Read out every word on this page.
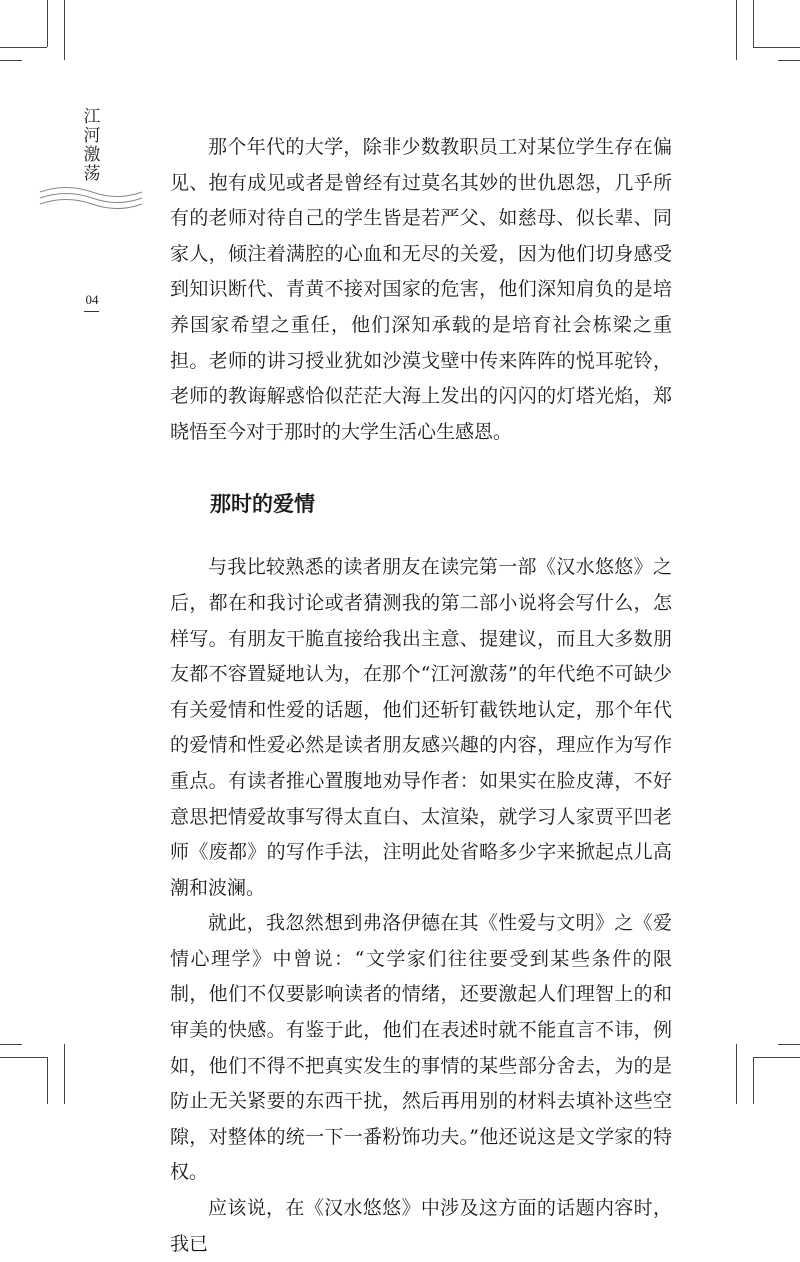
江
河
激
荡
04

那个年代的大学，除非少数教职员工对某位学生存在偏见、抱有成见或者是曾经有过莫名其妙的世仇恩怨，几乎所有的老师对待自己的学生皆是若严父、如慈母、似长辈、同家人，倾注着满腔的心血和无尽的关爱，因为他们切身感受到知识断代、青黄不接对国家的危害，他们深知肩负的是培养国家希望之重任，他们深知承载的是培育社会栋梁之重担。老师的讲习授业犹如沙漠戈壁中传来阵阵的悦耳驼铃，老师的教诲解惑恰似茫茫大海上发出的闪闪的灯塔光焰，郑晓悟至今对于那时的大学生活心生感恩。

那时的爱情

与我比较熟悉的读者朋友在读完第一部《汉水悠悠》之后，都在和我讨论或者猜测我的第二部小说将会写什么，怎样写。有朋友干脆直接给我出主意、提建议，而且大多数朋友都不容置疑地认为，在那个“江河激荡”的年代绝不可缺少有关爱情和性爱的话题，他们还斩钉截铁地认定，那个年代的爱情和性爱必然是读者朋友感兴趣的内容，理应作为写作重点。有读者推心置腹地劝导作者：如果实在脸皮薄，不好意思把情爱故事写得太直白、太渲染，就学习人家贾平凹老师《废都》的写作手法，注明此处省略多少字来掀起点儿高潮和波澜。

就此，我忽然想到弗洛伊德在其《性爱与文明》之《爱情心理学》中曾说：“文学家们往往要受到某些条件的限制，他们不仅要影响读者的情绪，还要激起人们理智上的和审美的快感。有鉴于此，他们在表述时就不能直言不讳，例如，他们不得不把真实发生的事情的某些部分舍去，为的是防止无关紧要的东西干扰，然后再用别的材料去填补这些空隙，对整体的统一下一番粉饰功夫。”他还说这是文学家的特权。

应该说，在《汉水悠悠》中涉及这方面的话题内容时，我已
